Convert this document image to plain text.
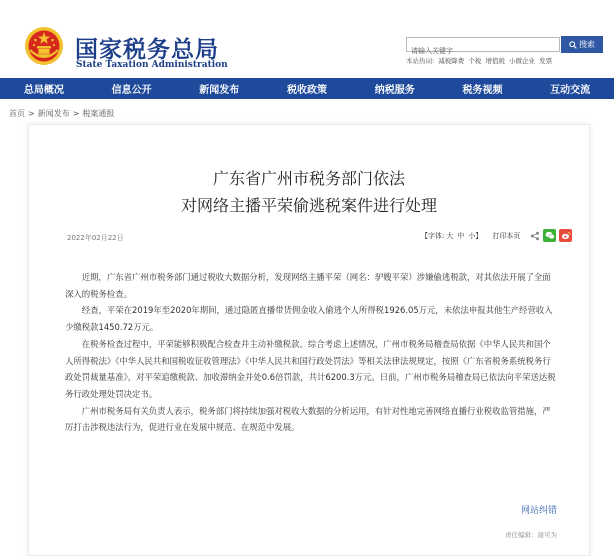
国家税务总局
State Taxation Administration
请输入关键字
搜索
本站热词: 减税降费 个税 增值税 小微企业 发票
总局概况	信息公开	新闻发布	税收政策	纳税服务	税务视频	互动交流
首页 > 新闻发布 > 税案通报
广东省广州市税务部门依法
对网络主播平荣偷逃税案件进行处理
2022年02月22日	【字体: 大 中 小】 打印本页

近期，广东省广州市税务部门通过税收大数据分析，发现网络主播平荣（网名：驴嫂平荣）涉嫌偷逃税款，对其依法开展了全面深入的税务检查。

经查，平荣在2019年至2020年期间，通过隐匿直播带货佣金收入偷逃个人所得税1926.05万元，未依法申报其他生产经营收入少缴税款1450.72万元。

在税务检查过程中，平荣能够积极配合检查并主动补缴税款。综合考虑上述情况，广州市税务局稽查局依据《中华人民共和国个人所得税法》《中华人民共和国税收征收管理法》《中华人民共和国行政处罚法》等相关法律法规规定，按照《广东省税务系统税务行政处罚裁量基准》，对平荣追缴税款、加收滞纳金并处0.6倍罚款，共计6200.3万元。日前，广州市税务局稽查局已依法向平荣送达税务行政处理处罚决定书。

广州市税务局有关负责人表示，税务部门将持续加强对税收大数据的分析运用，有针对性地完善网络直播行业税收监管措施，严厉打击涉税违法行为，促进行业在发展中规范、在规范中发展。

网站纠错
责任编辑：谢可为
